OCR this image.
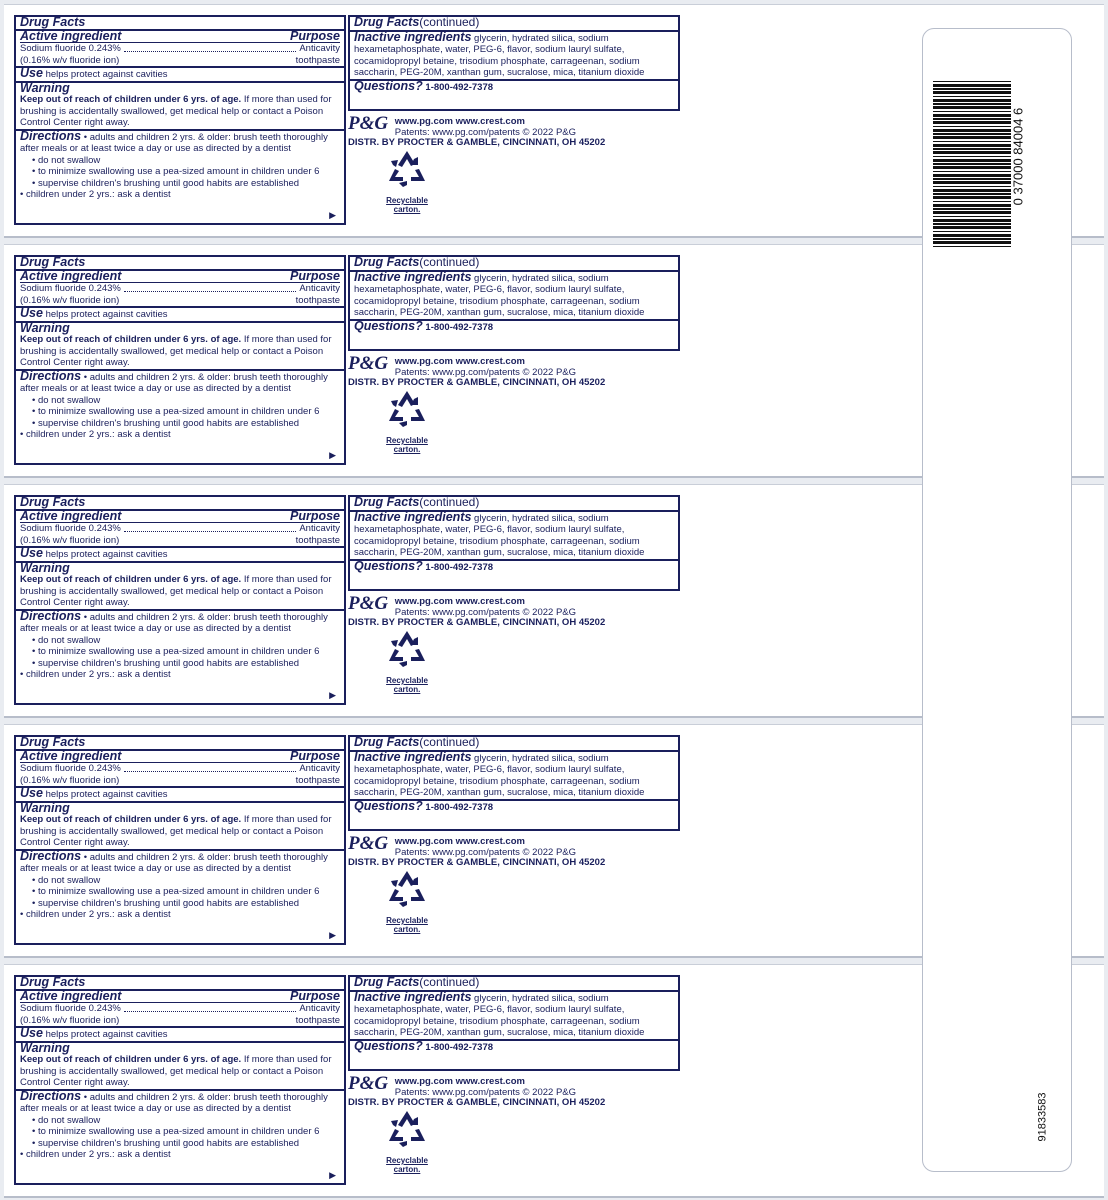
Drug Facts
Active ingredient	Purpose
Sodium fluoride 0.243%	Anticavity
(0.16% w/v fluoride ion)	toothpaste
Use helps protect against cavities
Warning
Keep out of reach of children under 6 yrs. of age. If more than used for brushing is accidentally swallowed, get medical help or contact a Poison Control Center right away.
Directions • adults and children 2 yrs. & older: brush teeth thoroughly after meals or at least twice a day or use as directed by a dentist
• do not swallow
• to minimize swallowing use a pea-sized amount in children under 6
• supervise children's brushing until good habits are established
• children under 2 yrs.: ask a dentist
▶
Drug Facts(continued)
Inactive ingredients glycerin, hydrated silica, sodium hexametaphosphate, water, PEG-6, flavor, sodium lauryl sulfate, cocamidopropyl betaine, trisodium phosphate, carrageenan, sodium saccharin, PEG-20M, xanthan gum, sucralose, mica, titanium dioxide
Questions? 1-800-492-7378
P&G www.pg.com www.crest.com
Patents: www.pg.com/patents © 2022 P&G
DISTR. BY PROCTER & GAMBLE, CINCINNATI, OH 45202
Recyclable carton.
Drug Facts
Active ingredient	Purpose
Sodium fluoride 0.243%	Anticavity
(0.16% w/v fluoride ion)	toothpaste
Use helps protect against cavities
Warning
Keep out of reach of children under 6 yrs. of age. If more than used for brushing is accidentally swallowed, get medical help or contact a Poison Control Center right away.
Directions • adults and children 2 yrs. & older: brush teeth thoroughly after meals or at least twice a day or use as directed by a dentist
• do not swallow
• to minimize swallowing use a pea-sized amount in children under 6
• supervise children's brushing until good habits are established
• children under 2 yrs.: ask a dentist
▶
Drug Facts(continued)
Inactive ingredients glycerin, hydrated silica, sodium hexametaphosphate, water, PEG-6, flavor, sodium lauryl sulfate, cocamidopropyl betaine, trisodium phosphate, carrageenan, sodium saccharin, PEG-20M, xanthan gum, sucralose, mica, titanium dioxide
Questions? 1-800-492-7378
P&G www.pg.com www.crest.com
Patents: www.pg.com/patents © 2022 P&G
DISTR. BY PROCTER & GAMBLE, CINCINNATI, OH 45202
Recyclable carton.
Drug Facts
Active ingredient	Purpose
Sodium fluoride 0.243%	Anticavity
(0.16% w/v fluoride ion)	toothpaste
Use helps protect against cavities
Warning
Keep out of reach of children under 6 yrs. of age. If more than used for brushing is accidentally swallowed, get medical help or contact a Poison Control Center right away.
Directions • adults and children 2 yrs. & older: brush teeth thoroughly after meals or at least twice a day or use as directed by a dentist
• do not swallow
• to minimize swallowing use a pea-sized amount in children under 6
• supervise children's brushing until good habits are established
• children under 2 yrs.: ask a dentist
▶
Drug Facts(continued)
Inactive ingredients glycerin, hydrated silica, sodium hexametaphosphate, water, PEG-6, flavor, sodium lauryl sulfate, cocamidopropyl betaine, trisodium phosphate, carrageenan, sodium saccharin, PEG-20M, xanthan gum, sucralose, mica, titanium dioxide
Questions? 1-800-492-7378
P&G www.pg.com www.crest.com
Patents: www.pg.com/patents © 2022 P&G
DISTR. BY PROCTER & GAMBLE, CINCINNATI, OH 45202
Recyclable carton.
Drug Facts
Active ingredient	Purpose
Sodium fluoride 0.243%	Anticavity
(0.16% w/v fluoride ion)	toothpaste
Use helps protect against cavities
Warning
Keep out of reach of children under 6 yrs. of age. If more than used for brushing is accidentally swallowed, get medical help or contact a Poison Control Center right away.
Directions • adults and children 2 yrs. & older: brush teeth thoroughly after meals or at least twice a day or use as directed by a dentist
• do not swallow
• to minimize swallowing use a pea-sized amount in children under 6
• supervise children's brushing until good habits are established
• children under 2 yrs.: ask a dentist
▶
Drug Facts(continued)
Inactive ingredients glycerin, hydrated silica, sodium hexametaphosphate, water, PEG-6, flavor, sodium lauryl sulfate, cocamidopropyl betaine, trisodium phosphate, carrageenan, sodium saccharin, PEG-20M, xanthan gum, sucralose, mica, titanium dioxide
Questions? 1-800-492-7378
P&G www.pg.com www.crest.com
Patents: www.pg.com/patents © 2022 P&G
DISTR. BY PROCTER & GAMBLE, CINCINNATI, OH 45202
Recyclable carton.
Drug Facts
Active ingredient	Purpose
Sodium fluoride 0.243%	Anticavity
(0.16% w/v fluoride ion)	toothpaste
Use helps protect against cavities
Warning
Keep out of reach of children under 6 yrs. of age. If more than used for brushing is accidentally swallowed, get medical help or contact a Poison Control Center right away.
Directions • adults and children 2 yrs. & older: brush teeth thoroughly after meals or at least twice a day or use as directed by a dentist
• do not swallow
• to minimize swallowing use a pea-sized amount in children under 6
• supervise children's brushing until good habits are established
• children under 2 yrs.: ask a dentist
▶
Drug Facts(continued)
Inactive ingredients glycerin, hydrated silica, sodium hexametaphosphate, water, PEG-6, flavor, sodium lauryl sulfate, cocamidopropyl betaine, trisodium phosphate, carrageenan, sodium saccharin, PEG-20M, xanthan gum, sucralose, mica, titanium dioxide
Questions? 1-800-492-7378
P&G www.pg.com www.crest.com
Patents: www.pg.com/patents © 2022 P&G
DISTR. BY PROCTER & GAMBLE, CINCINNATI, OH 45202
Recyclable carton.
0 37000 84004 6
91833583
